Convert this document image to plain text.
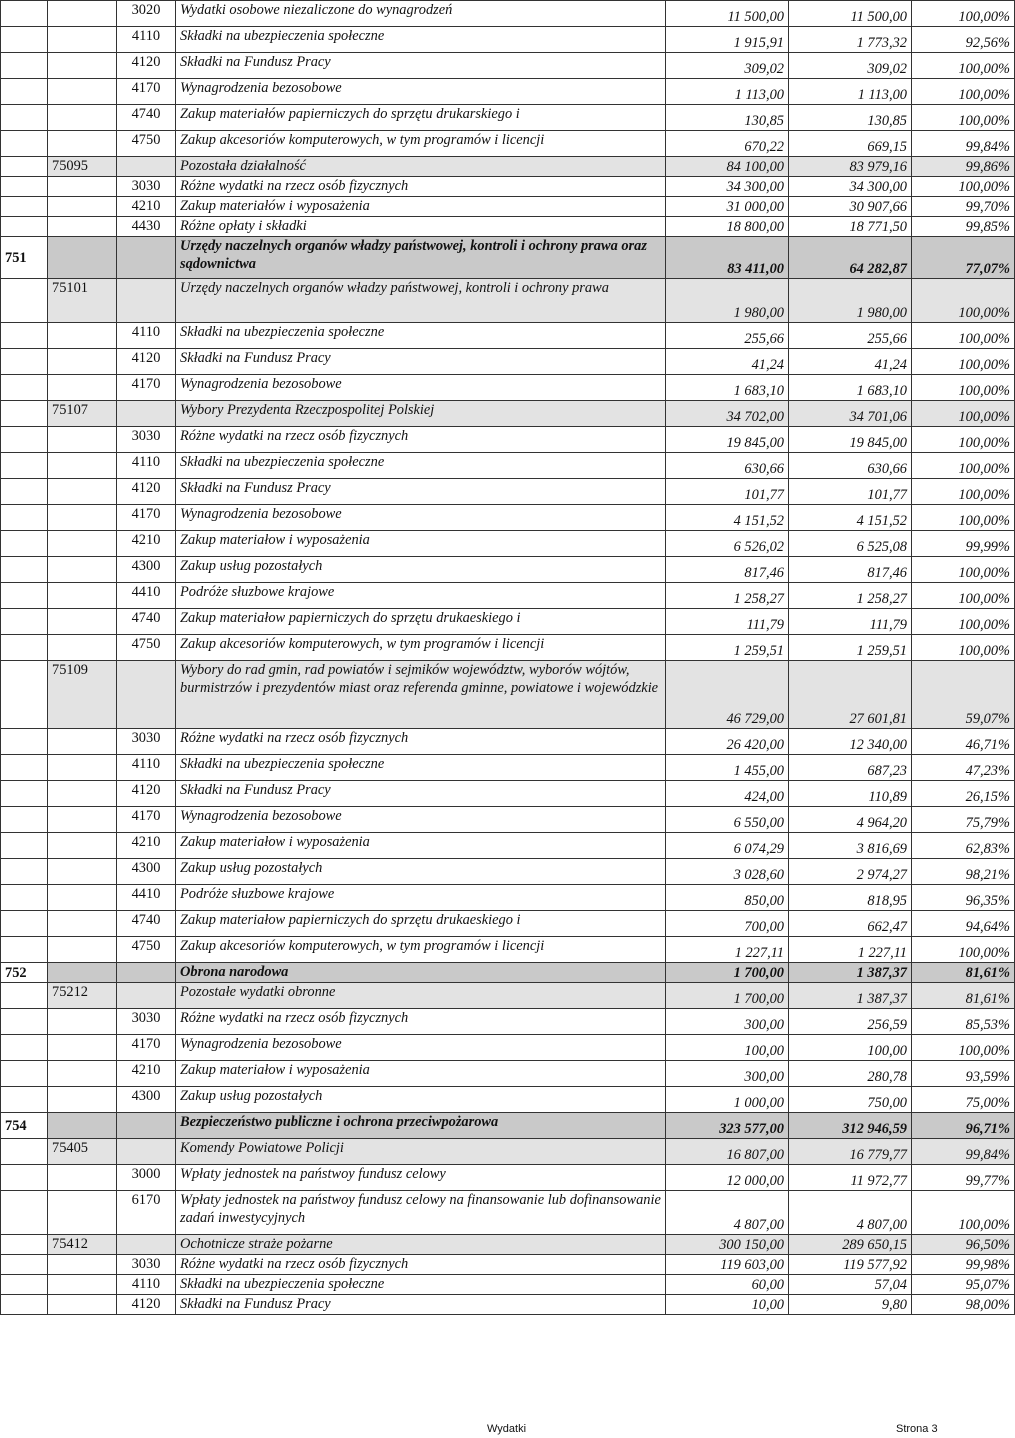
		3020	Wydatki osobowe niezaliczone do wynagrodzeń	11 500,00	11 500,00	100,00%
		4110	Składki na ubezpieczenia społeczne	1 915,91	1 773,32	92,56%
		4120	Składki na Fundusz Pracy	309,02	309,02	100,00%
		4170	Wynagrodzenia bezosobowe	1 113,00	1 113,00	100,00%
		4740	Zakup materiałów papierniczych do sprzętu drukarskiego i	130,85	130,85	100,00%
		4750	Zakup akcesoriów komputerowych, w tym programów i licencji	670,22	669,15	99,84%
	75095		Pozostała działalność	84 100,00	83 979,16	99,86%
		3030	Różne wydatki na rzecz osób fizycznych	34 300,00	34 300,00	100,00%
		4210	Zakup materiałów i wyposażenia	31 000,00	30 907,66	99,70%
		4430	Różne opłaty i składki	18 800,00	18 771,50	99,85%
751			Urzędy naczelnych organów władzy państwowej, kontroli i ochrony prawa oraz sądownictwa	83 411,00	64 282,87	77,07%
	75101		Urzędy naczelnych organów władzy państwowej, kontroli i ochrony prawa	1 980,00	1 980,00	100,00%
		4110	Składki na ubezpieczenia społeczne	255,66	255,66	100,00%
		4120	Składki na Fundusz Pracy	41,24	41,24	100,00%
		4170	Wynagrodzenia bezosobowe	1 683,10	1 683,10	100,00%
	75107		Wybory Prezydenta Rzeczpospolitej Polskiej	34 702,00	34 701,06	100,00%
		3030	Różne wydatki na rzecz osób fizycznych	19 845,00	19 845,00	100,00%
		4110	Składki na ubezpieczenia społeczne	630,66	630,66	100,00%
		4120	Składki na Fundusz Pracy	101,77	101,77	100,00%
		4170	Wynagrodzenia bezosobowe	4 151,52	4 151,52	100,00%
		4210	Zakup materiałow i wyposażenia	6 526,02	6 525,08	99,99%
		4300	Zakup usług pozostałych	817,46	817,46	100,00%
		4410	Podróże słuzbowe krajowe	1 258,27	1 258,27	100,00%
		4740	Zakup materiałow papierniczych do sprzętu drukaeskiego i	111,79	111,79	100,00%
		4750	Zakup akcesoriów komputerowych, w tym programów i licencji	1 259,51	1 259,51	100,00%
	75109		Wybory do rad gmin, rad powiatów i sejmików województw, wyborów wójtów, burmistrzów i prezydentów miast oraz referenda gminne, powiatowe i wojewódzkie	46 729,00	27 601,81	59,07%
		3030	Różne wydatki na rzecz osób fizycznych	26 420,00	12 340,00	46,71%
		4110	Składki na ubezpieczenia społeczne	1 455,00	687,23	47,23%
		4120	Składki na Fundusz Pracy	424,00	110,89	26,15%
		4170	Wynagrodzenia bezosobowe	6 550,00	4 964,20	75,79%
		4210	Zakup materiałow i wyposażenia	6 074,29	3 816,69	62,83%
		4300	Zakup usług pozostałych	3 028,60	2 974,27	98,21%
		4410	Podróże słuzbowe krajowe	850,00	818,95	96,35%
		4740	Zakup materiałow papierniczych do sprzętu drukaeskiego i	700,00	662,47	94,64%
		4750	Zakup akcesoriów komputerowych, w tym programów i licencji	1 227,11	1 227,11	100,00%
752			Obrona narodowa	1 700,00	1 387,37	81,61%
	75212		Pozostałe wydatki obronne	1 700,00	1 387,37	81,61%
		3030	Różne wydatki na rzecz osób fizycznych	300,00	256,59	85,53%
		4170	Wynagrodzenia bezosobowe	100,00	100,00	100,00%
		4210	Zakup materiałow i wyposażenia	300,00	280,78	93,59%
		4300	Zakup usług pozostałych	1 000,00	750,00	75,00%
754			Bezpieczeństwo publiczne i ochrona przeciwpożarowa	323 577,00	312 946,59	96,71%
	75405		Komendy Powiatowe Policji	16 807,00	16 779,77	99,84%
		3000	Wpłaty jednostek na państwoy fundusz celowy	12 000,00	11 972,77	99,77%
		6170	Wpłaty jednostek na państwoy fundusz celowy na finansowanie lub dofinansowanie zadań inwestycyjnych	4 807,00	4 807,00	100,00%
	75412		Ochotnicze straże pożarne	300 150,00	289 650,15	96,50%
		3030	Różne wydatki na rzecz osób fizycznych	119 603,00	119 577,92	99,98%
		4110	Składki na ubezpieczenia społeczne	60,00	57,04	95,07%
		4120	Składki na Fundusz Pracy	10,00	9,80	98,00%
Wydatki	Strona 3
